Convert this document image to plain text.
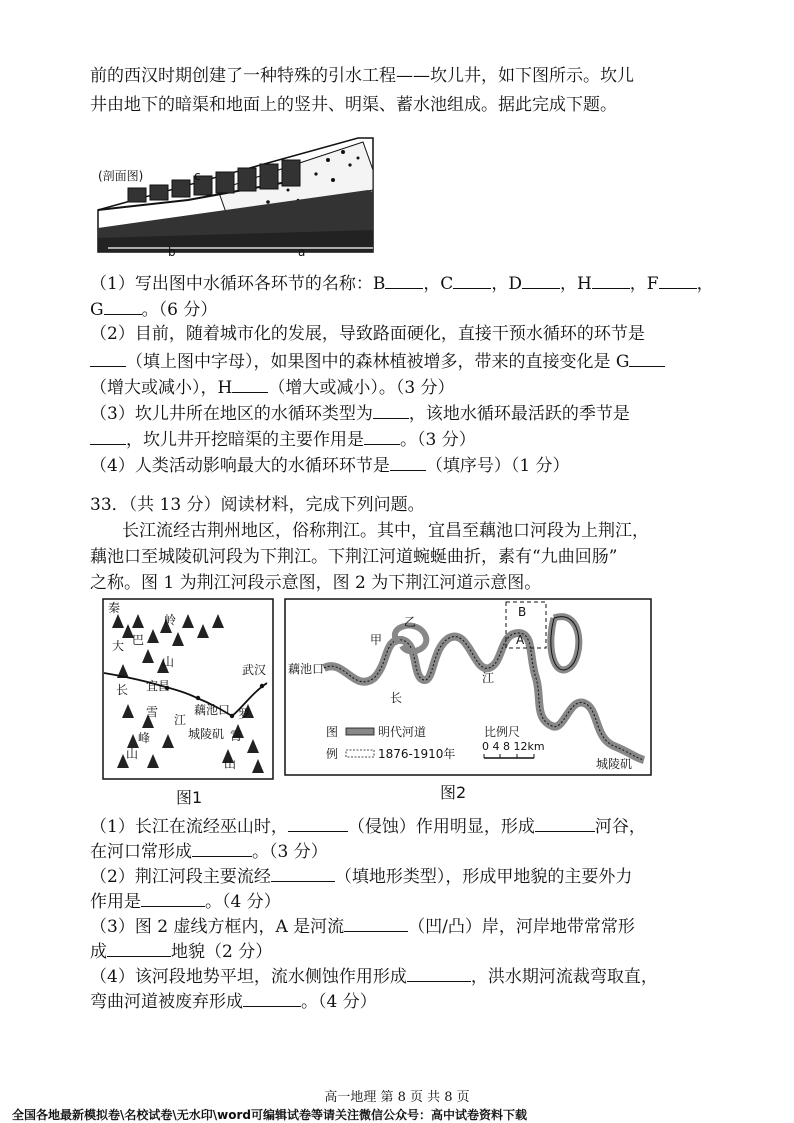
前的西汉时期创建了一种特殊的引水工程——坎儿井，如下图所示。坎儿
井由地下的暗渠和地面上的竖井、明渠、蓄水池组成。据此完成下题。
(剖面图)	c
b	a
（1）写出图中水循环各环节的名称：B ，C ，D ，H ，F ，
G 。（6 分）
（2）目前，随着城市化的发展，导致路面硬化，直接干预水循环的环节是
（填上图中字母），如果图中的森林植被增多，带来的直接变化是 G
（增大或减小），H （增大或减小）。（3 分）
（3）坎儿井所在地区的水循环类型为 ，该地水循环最活跃的季节是
，坎儿井开挖暗渠的主要作用是 。（3 分）
（4）人类活动影响最大的水循环环节是 （填序号）（1 分）
33．（共 13 分）阅读材料，完成下列问题。
长江流经古荆州地区，俗称荆江。其中，宜昌至藕池口河段为上荆江，
藕池口至城陵矶河段为下荆江。下荆江河道蜿蜒曲折，素有“九曲回肠”
之称。图 1 为荆江河段示意图，图 2 为下荆江河道示意图。
秦
岭
大 巴
山
长 宜昌
藕池口
武汉
雪
江	罗
峰	城陵矶 霄
山
山
图1
B
A
乙
甲
藕池口
长
江
城陵矶
图
例
明代河道
1876-1910年
比例尺
0 4 8 12km
图2
（1）长江在流经巫山时，	（侵蚀）作用明显，形成	河谷，
在河口常形成	。（3 分）
（2）荆江河段主要流经	（填地形类型），形成甲地貌的主要外力
作用是	。（4 分）
（3）图 2 虚线方框内，A 是河流	（凹/凸）岸，河岸地带常常形
成	地貌（2 分）
（4）该河段地势平坦，流水侧蚀作用形成	，洪水期河流裁弯取直，
弯曲河道被废弃形成	。（4 分）
高一地理 第 8 页 共 8 页
全国各地最新模拟卷\名校试卷\无水印\word可编辑试卷等请关注微信公众号：高中试卷资料下载
